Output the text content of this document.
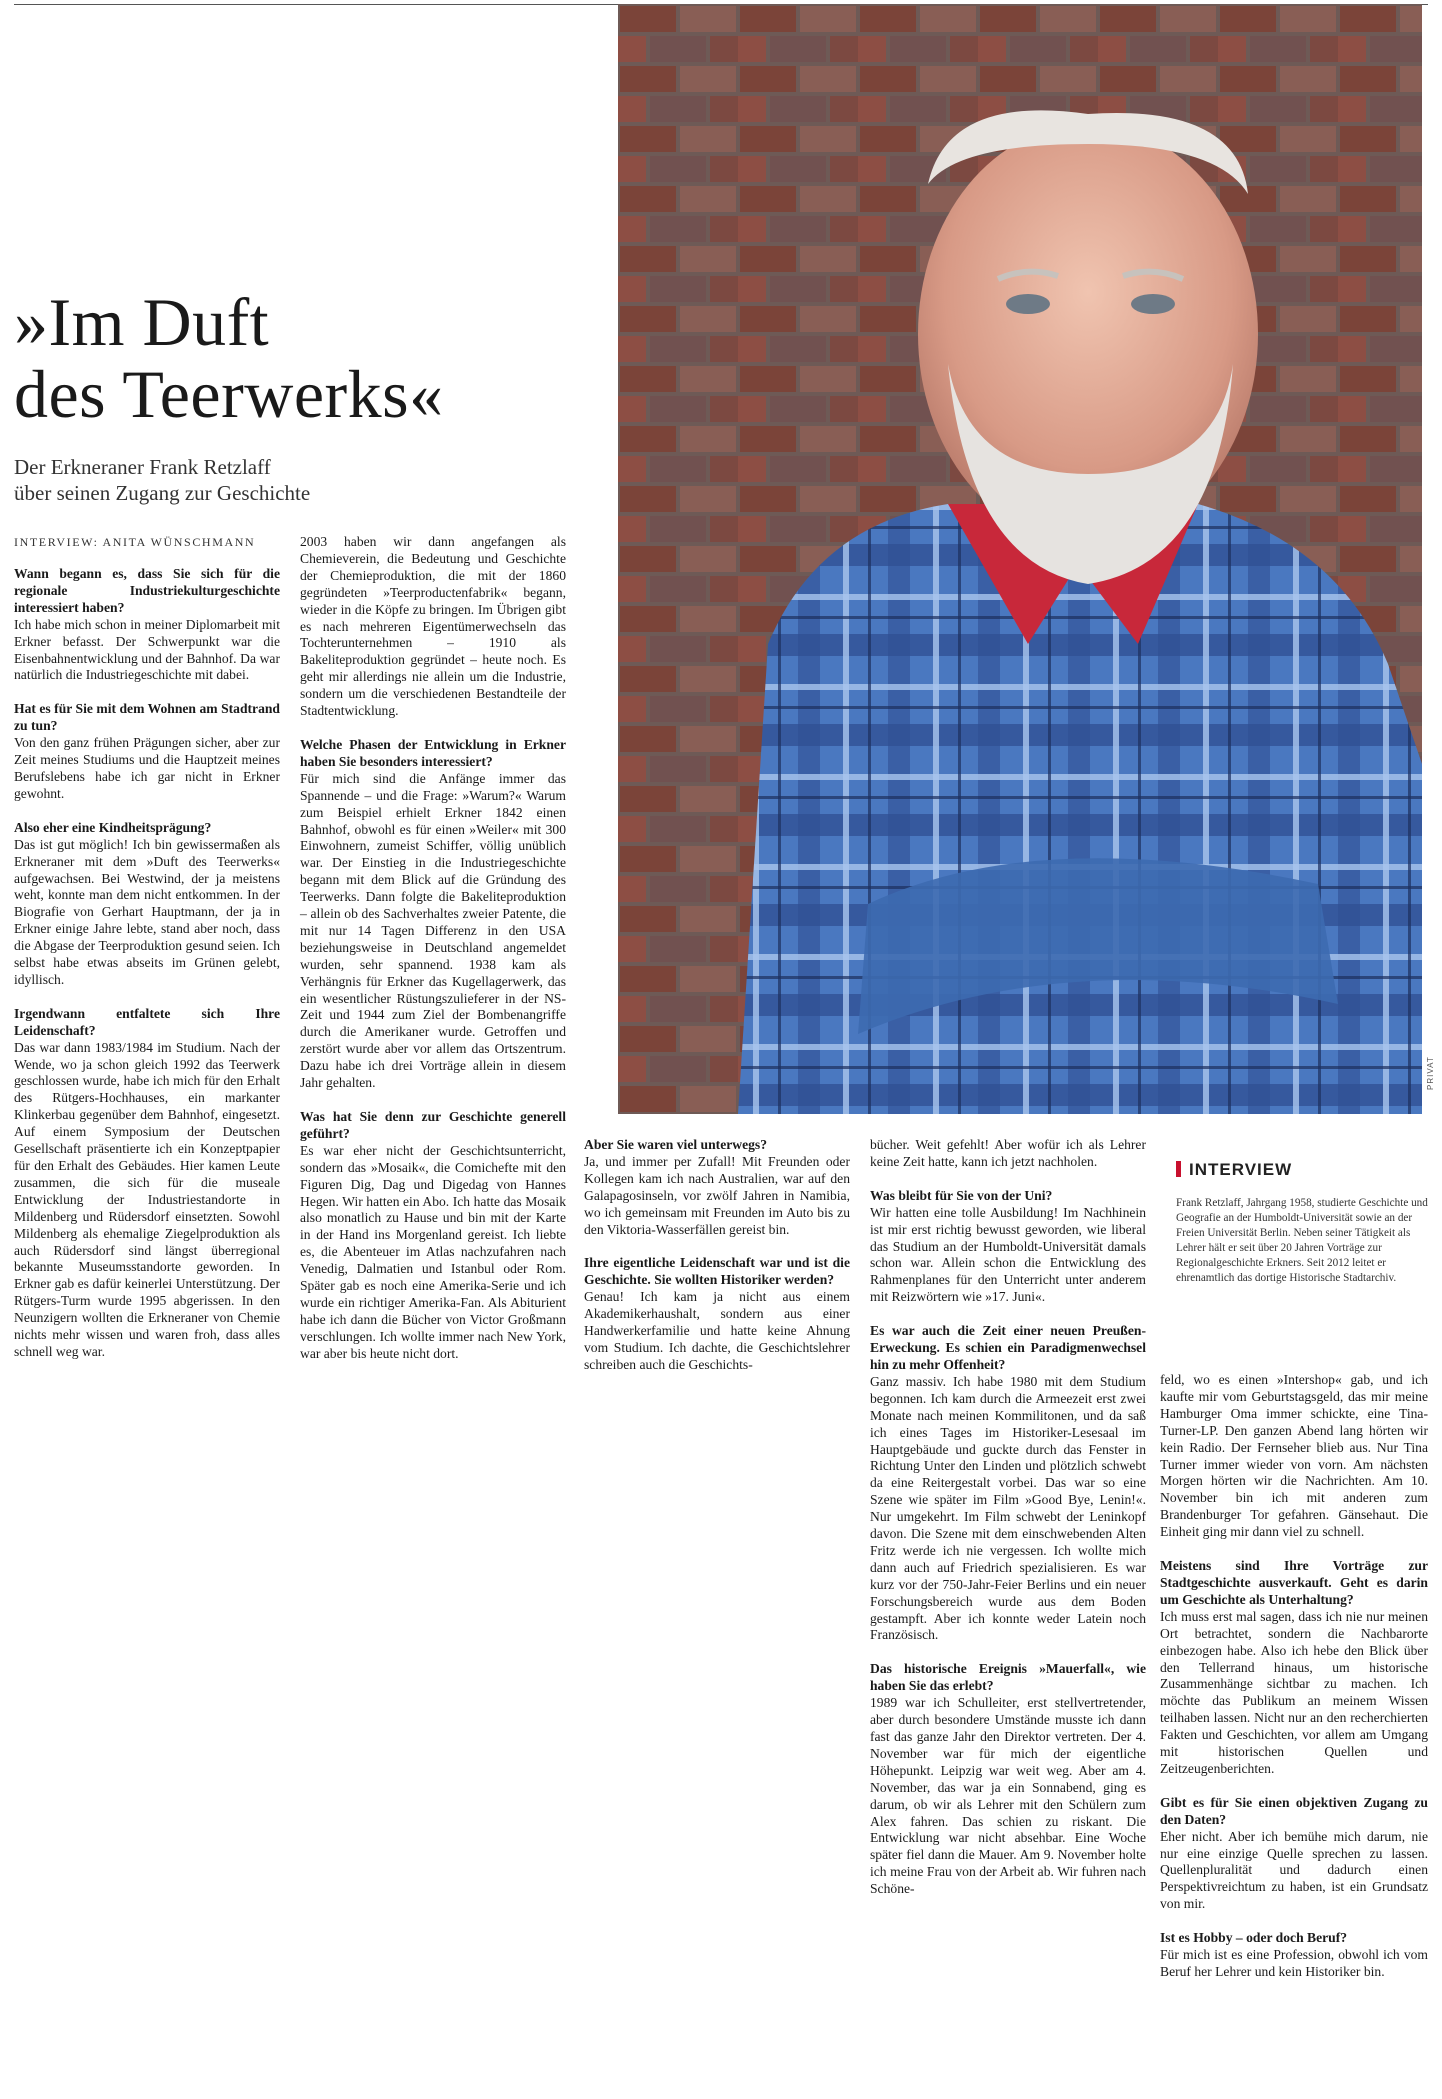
PRIVAT
»Im Duft
des Teerwerks«
Der Erkneraner Frank Retzlaff
über seinen Zugang zur Geschichte
INTERVIEW: ANITA WÜNSCHMANN

Wann begann es, dass Sie sich für die regionale Industriekulturgeschichte interessiert haben?

Ich habe mich schon in meiner Diplomarbeit mit Erkner befasst. Der Schwerpunkt war die Eisenbahnentwicklung und der Bahnhof. Da war natürlich die Industriegeschichte mit dabei.

Hat es für Sie mit dem Wohnen am Stadtrand zu tun?

Von den ganz frühen Prägungen sicher, aber zur Zeit meines Studiums und die Hauptzeit meines Berufslebens habe ich gar nicht in Erkner gewohnt.

Also eher eine Kindheitsprägung?

Das ist gut möglich! Ich bin gewissermaßen als Erkneraner mit dem »Duft des Teerwerks« aufgewachsen. Bei Westwind, der ja meistens weht, konnte man dem nicht entkommen. In der Biografie von Gerhart Hauptmann, der ja in Erkner einige Jahre lebte, stand aber noch, dass die Abgase der Teerproduktion gesund seien. Ich selbst habe etwas abseits im Grünen gelebt, idyllisch.

Irgendwann entfaltete sich Ihre Leidenschaft?

Das war dann 1983/1984 im Studium. Nach der Wende, wo ja schon gleich 1992 das Teerwerk geschlossen wurde, habe ich mich für den Erhalt des Rütgers-Hochhauses, ein markanter Klinkerbau gegenüber dem Bahnhof, eingesetzt. Auf einem Symposium der Deutschen Gesellschaft präsentierte ich ein Konzeptpapier für den Erhalt des Gebäudes. Hier kamen Leute zusammen, die sich für die museale Entwicklung der Industriestandorte in Mildenberg und Rüdersdorf einsetzten. Sowohl Mildenberg als ehemalige Ziegelproduktion als auch Rüdersdorf sind längst überregional bekannte Museumsstandorte geworden. In Erkner gab es dafür keinerlei Unterstützung. Der Rütgers-Turm wurde 1995 abgerissen. In den Neunzigern wollten die Erkneraner von Chemie nichts mehr wissen und waren froh, dass alles schnell weg war.

2003 haben wir dann angefangen als Chemieverein, die Bedeutung und Geschichte der Chemieproduktion, die mit der 1860 gegründeten »Teerproductenfabrik« begann, wieder in die Köpfe zu bringen. Im Übrigen gibt es nach mehreren Eigentümerwechseln das Tochterunternehmen – 1910 als Bakeliteproduktion gegründet – heute noch. Es geht mir allerdings nie allein um die Industrie, sondern um die verschiedenen Bestandteile der Stadtentwicklung.

Welche Phasen der Entwicklung in Erkner haben Sie besonders interessiert?

Für mich sind die Anfänge immer das Spannende – und die Frage: »Warum?« Warum zum Beispiel erhielt Erkner 1842 einen Bahnhof, obwohl es für einen »Weiler« mit 300 Einwohnern, zumeist Schiffer, völlig unüblich war. Der Einstieg in die Industriegeschichte begann mit dem Blick auf die Gründung des Teerwerks. Dann folgte die Bakeliteproduktion – allein ob des Sachverhaltes zweier Patente, die mit nur 14 Tagen Differenz in den USA beziehungsweise in Deutschland angemeldet wurden, sehr spannend. 1938 kam als Verhängnis für Erkner das Kugellagerwerk, das ein wesentlicher Rüstungszulieferer in der NS-Zeit und 1944 zum Ziel der Bombenangriffe durch die Amerikaner wurde. Getroffen und zerstört wurde aber vor allem das Ortszentrum. Dazu habe ich drei Vorträge allein in diesem Jahr gehalten.

Was hat Sie denn zur Geschichte generell geführt?

Es war eher nicht der Geschichtsunterricht, sondern das »Mosaik«, die Comichefte mit den Figuren Dig, Dag und Digedag von Hannes Hegen. Wir hatten ein Abo. Ich hatte das Mosaik also monatlich zu Hause und bin mit der Karte in der Hand ins Morgenland gereist. Ich liebte es, die Abenteuer im Atlas nachzufahren nach Venedig, Dalmatien und Istanbul oder Rom. Später gab es noch eine Amerika-Serie und ich wurde ein richtiger Amerika-Fan. Als Abiturient habe ich dann die Bücher von Victor Großmann verschlungen. Ich wollte immer nach New York, war aber bis heute nicht dort.

Aber Sie waren viel unterwegs?

Ja, und immer per Zufall! Mit Freunden oder Kollegen kam ich nach Australien, war auf den Galapagosinseln, vor zwölf Jahren in Namibia, wo ich gemeinsam mit Freunden im Auto bis zu den Viktoria-Wasserfällen gereist bin.

Ihre eigentliche Leidenschaft war und ist die Geschichte. Sie wollten Historiker werden?

Genau! Ich kam ja nicht aus einem Akademikerhaushalt, sondern aus einer Handwerkerfamilie und hatte keine Ahnung vom Studium. Ich dachte, die Geschichtslehrer schreiben auch die Geschichts-

bücher. Weit gefehlt! Aber wofür ich als Lehrer keine Zeit hatte, kann ich jetzt nachholen.

Was bleibt für Sie von der Uni?

Wir hatten eine tolle Ausbildung! Im Nachhinein ist mir erst richtig bewusst geworden, wie liberal das Studium an der Humboldt-Universität damals schon war. Allein schon die Entwicklung des Rahmenplanes für den Unterricht unter anderem mit Reizwörtern wie »17. Juni«.

Es war auch die Zeit einer neuen Preußen-Erweckung. Es schien ein Paradigmenwechsel hin zu mehr Offenheit?

Ganz massiv. Ich habe 1980 mit dem Studium begonnen. Ich kam durch die Armeezeit erst zwei Monate nach meinen Kommilitonen, und da saß ich eines Tages im Historiker-Lesesaal im Hauptgebäude und guckte durch das Fenster in Richtung Unter den Linden und plötzlich schwebt da eine Reitergestalt vorbei. Das war so eine Szene wie später im Film »Good Bye, Lenin!«. Nur umgekehrt. Im Film schwebt der Leninkopf davon. Die Szene mit dem einschwebenden Alten Fritz werde ich nie vergessen. Ich wollte mich dann auch auf Friedrich spezialisieren. Es war kurz vor der 750-Jahr-Feier Berlins und ein neuer Forschungsbereich wurde aus dem Boden gestampft. Aber ich konnte weder Latein noch Französisch.

Das historische Ereignis »Mauerfall«, wie haben Sie das erlebt?

1989 war ich Schulleiter, erst stellvertretender, aber durch besondere Umstände musste ich dann fast das ganze Jahr den Direktor vertreten. Der 4. November war für mich der eigentliche Höhepunkt. Leipzig war weit weg. Aber am 4. November, das war ja ein Sonnabend, ging es darum, ob wir als Lehrer mit den Schülern zum Alex fahren. Das schien zu riskant. Die Entwicklung war nicht absehbar. Eine Woche später fiel dann die Mauer. Am 9. November holte ich meine Frau von der Arbeit ab. Wir fuhren nach Schöne-

feld, wo es einen »Intershop« gab, und ich kaufte mir vom Geburtstagsgeld, das mir meine Hamburger Oma immer schickte, eine Tina-Turner-LP. Den ganzen Abend lang hörten wir kein Radio. Der Fernseher blieb aus. Nur Tina Turner immer wieder von vorn. Am nächsten Morgen hörten wir die Nachrichten. Am 10. November bin ich mit anderen zum Brandenburger Tor gefahren. Gänsehaut. Die Einheit ging mir dann viel zu schnell.

Meistens sind Ihre Vorträge zur Stadtgeschichte ausverkauft. Geht es darin um Geschichte als Unterhaltung?

Ich muss erst mal sagen, dass ich nie nur meinen Ort betrachtet, sondern die Nachbarorte einbezogen habe. Also ich hebe den Blick über den Tellerrand hinaus, um historische Zusammenhänge sichtbar zu machen. Ich möchte das Publikum an meinem Wissen teilhaben lassen. Nicht nur an den recherchierten Fakten und Geschichten, vor allem am Umgang mit historischen Quellen und Zeitzeugenberichten.

Gibt es für Sie einen objektiven Zugang zu den Daten?

Eher nicht. Aber ich bemühe mich darum, nie nur eine einzige Quelle sprechen zu lassen. Quellenpluralität und dadurch einen Perspektivreichtum zu haben, ist ein Grundsatz von mir.

Ist es Hobby – oder doch Beruf?

Für mich ist es eine Profession, obwohl ich vom Beruf her Lehrer und kein Historiker bin.

INTERVIEW
Frank Retzlaff, Jahrgang 1958, studierte Geschichte und Geografie an der Humboldt-Universität sowie an der Freien Universität Berlin. Neben seiner Tätigkeit als Lehrer hält er seit über 20 Jahren Vorträge zur Regionalgeschichte Erkners. Seit 2012 leitet er ehrenamtlich das dortige Historische Stadtarchiv.
